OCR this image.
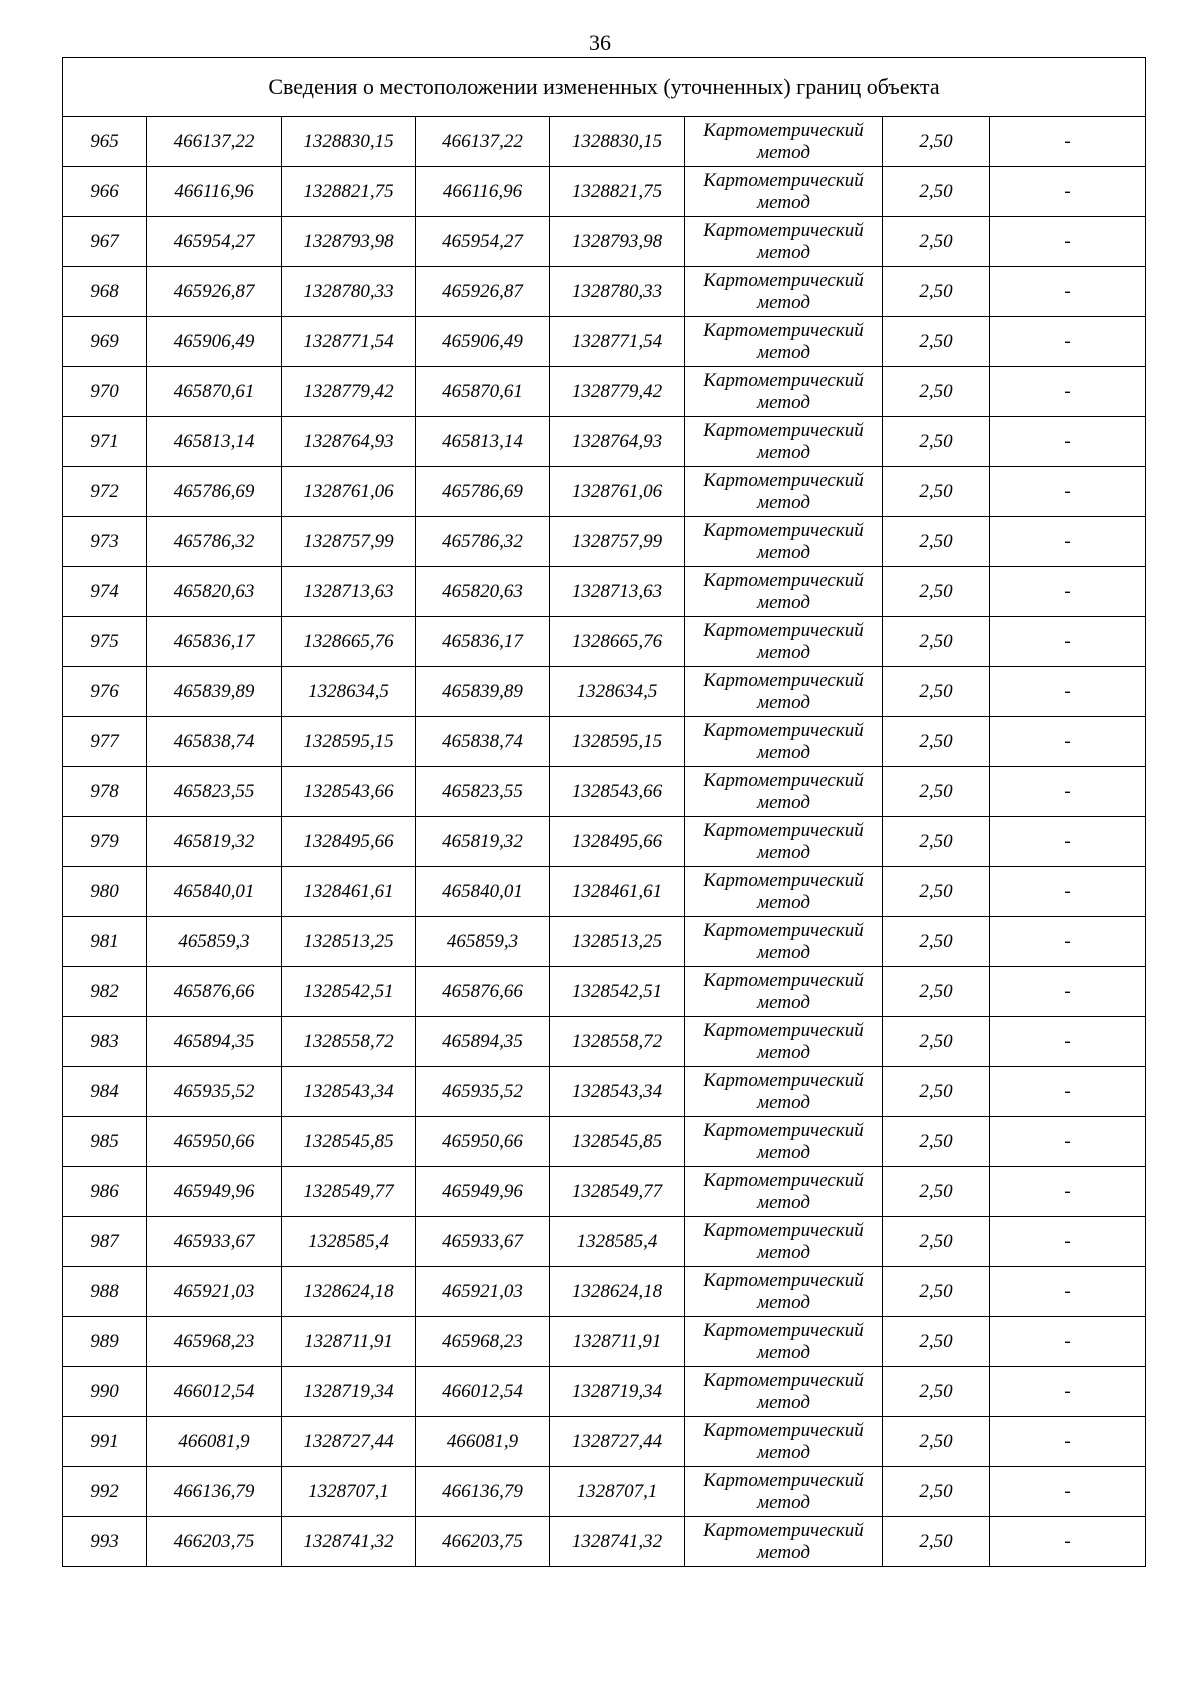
36
Сведения о местоположении измененных (уточненных) границ объекта							
965	466137,22	1328830,15	466137,22	1328830,15	Картометрический метод	2,50	-
966	466116,96	1328821,75	466116,96	1328821,75	Картометрический метод	2,50	-
967	465954,27	1328793,98	465954,27	1328793,98	Картометрический метод	2,50	-
968	465926,87	1328780,33	465926,87	1328780,33	Картометрический метод	2,50	-
969	465906,49	1328771,54	465906,49	1328771,54	Картометрический метод	2,50	-
970	465870,61	1328779,42	465870,61	1328779,42	Картометрический метод	2,50	-
971	465813,14	1328764,93	465813,14	1328764,93	Картометрический метод	2,50	-
972	465786,69	1328761,06	465786,69	1328761,06	Картометрический метод	2,50	-
973	465786,32	1328757,99	465786,32	1328757,99	Картометрический метод	2,50	-
974	465820,63	1328713,63	465820,63	1328713,63	Картометрический метод	2,50	-
975	465836,17	1328665,76	465836,17	1328665,76	Картометрический метод	2,50	-
976	465839,89	1328634,5	465839,89	1328634,5	Картометрический метод	2,50	-
977	465838,74	1328595,15	465838,74	1328595,15	Картометрический метод	2,50	-
978	465823,55	1328543,66	465823,55	1328543,66	Картометрический метод	2,50	-
979	465819,32	1328495,66	465819,32	1328495,66	Картометрический метод	2,50	-
980	465840,01	1328461,61	465840,01	1328461,61	Картометрический метод	2,50	-
981	465859,3	1328513,25	465859,3	1328513,25	Картометрический метод	2,50	-
982	465876,66	1328542,51	465876,66	1328542,51	Картометрический метод	2,50	-
983	465894,35	1328558,72	465894,35	1328558,72	Картометрический метод	2,50	-
984	465935,52	1328543,34	465935,52	1328543,34	Картометрический метод	2,50	-
985	465950,66	1328545,85	465950,66	1328545,85	Картометрический метод	2,50	-
986	465949,96	1328549,77	465949,96	1328549,77	Картометрический метод	2,50	-
987	465933,67	1328585,4	465933,67	1328585,4	Картометрический метод	2,50	-
988	465921,03	1328624,18	465921,03	1328624,18	Картометрический метод	2,50	-
989	465968,23	1328711,91	465968,23	1328711,91	Картометрический метод	2,50	-
990	466012,54	1328719,34	466012,54	1328719,34	Картометрический метод	2,50	-
991	466081,9	1328727,44	466081,9	1328727,44	Картометрический метод	2,50	-
992	466136,79	1328707,1	466136,79	1328707,1	Картометрический метод	2,50	-
993	466203,75	1328741,32	466203,75	1328741,32	Картометрический метод	2,50	-
